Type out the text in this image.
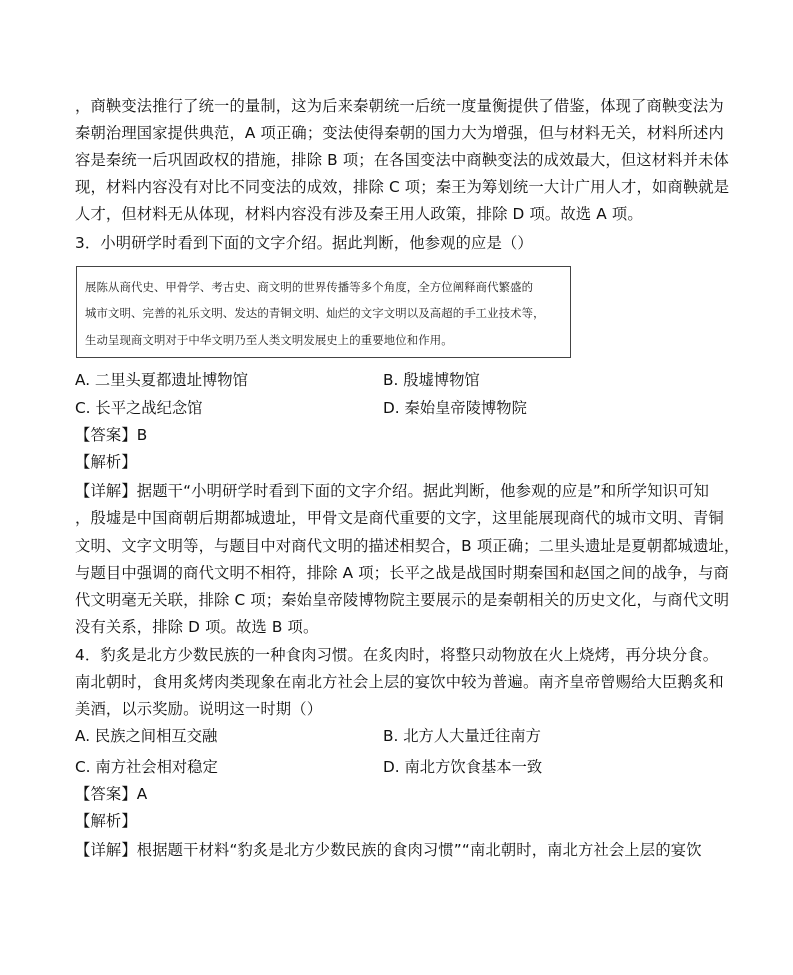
，商鞅变法推行了统一的量制，这为后来秦朝统一后统一度量衡提供了借鉴，体现了商鞅变法为
秦朝治理国家提供典范，A 项正确；变法使得秦朝的国力大为增强，但与材料无关，材料所述内
容是秦统一后巩固政权的措施，排除 B 项；在各国变法中商鞅变法的成效最大，但这材料并未体
现，材料内容没有对比不同变法的成效，排除 C 项；秦王为筹划统一大计广用人才，如商鞅就是
人才，但材料无从体现，材料内容没有涉及秦王用人政策，排除 D 项。故选 A 项。
3．小明研学时看到下面的文字介绍。据此判断，他参观的应是（）
展陈从商代史、甲骨学、考古史、商文明的世界传播等多个角度，全方位阐释商代繁盛的
城市文明、完善的礼乐文明、发达的青铜文明、灿烂的文字文明以及高超的手工业技术等，
生动呈现商文明对于中华文明乃至人类文明发展史上的重要地位和作用。
A. 二里头夏都遗址博物馆	B. 殷墟博物馆
C. 长平之战纪念馆	D. 秦始皇帝陵博物院
【答案】B
【解析】
【详解】据题干“小明研学时看到下面的文字介绍。据此判断，他参观的应是”和所学知识可知
，殷墟是中国商朝后期都城遗址，甲骨文是商代重要的文字，这里能展现商代的城市文明、青铜
文明、文字文明等，与题目中对商代文明的描述相契合，B 项正确；二里头遗址是夏朝都城遗址，
与题目中强调的商代文明不相符，排除 A 项；长平之战是战国时期秦国和赵国之间的战争，与商
代文明毫无关联，排除 C 项；秦始皇帝陵博物院主要展示的是秦朝相关的历史文化，与商代文明
没有关系，排除 D 项。故选 B 项。
4．豹炙是北方少数民族的一种食肉习惯。在炙肉时，将整只动物放在火上烧烤，再分块分食。
南北朝时，食用炙烤肉类现象在南北方社会上层的宴饮中较为普遍。南齐皇帝曾赐给大臣鹅炙和
美酒，以示奖励。说明这一时期（）
A. 民族之间相互交融	B. 北方人大量迁往南方
C. 南方社会相对稳定	D. 南北方饮食基本一致
【答案】A
【解析】
【详解】根据题干材料“豹炙是北方少数民族的食肉习惯”“南北朝时，南北方社会上层的宴饮
